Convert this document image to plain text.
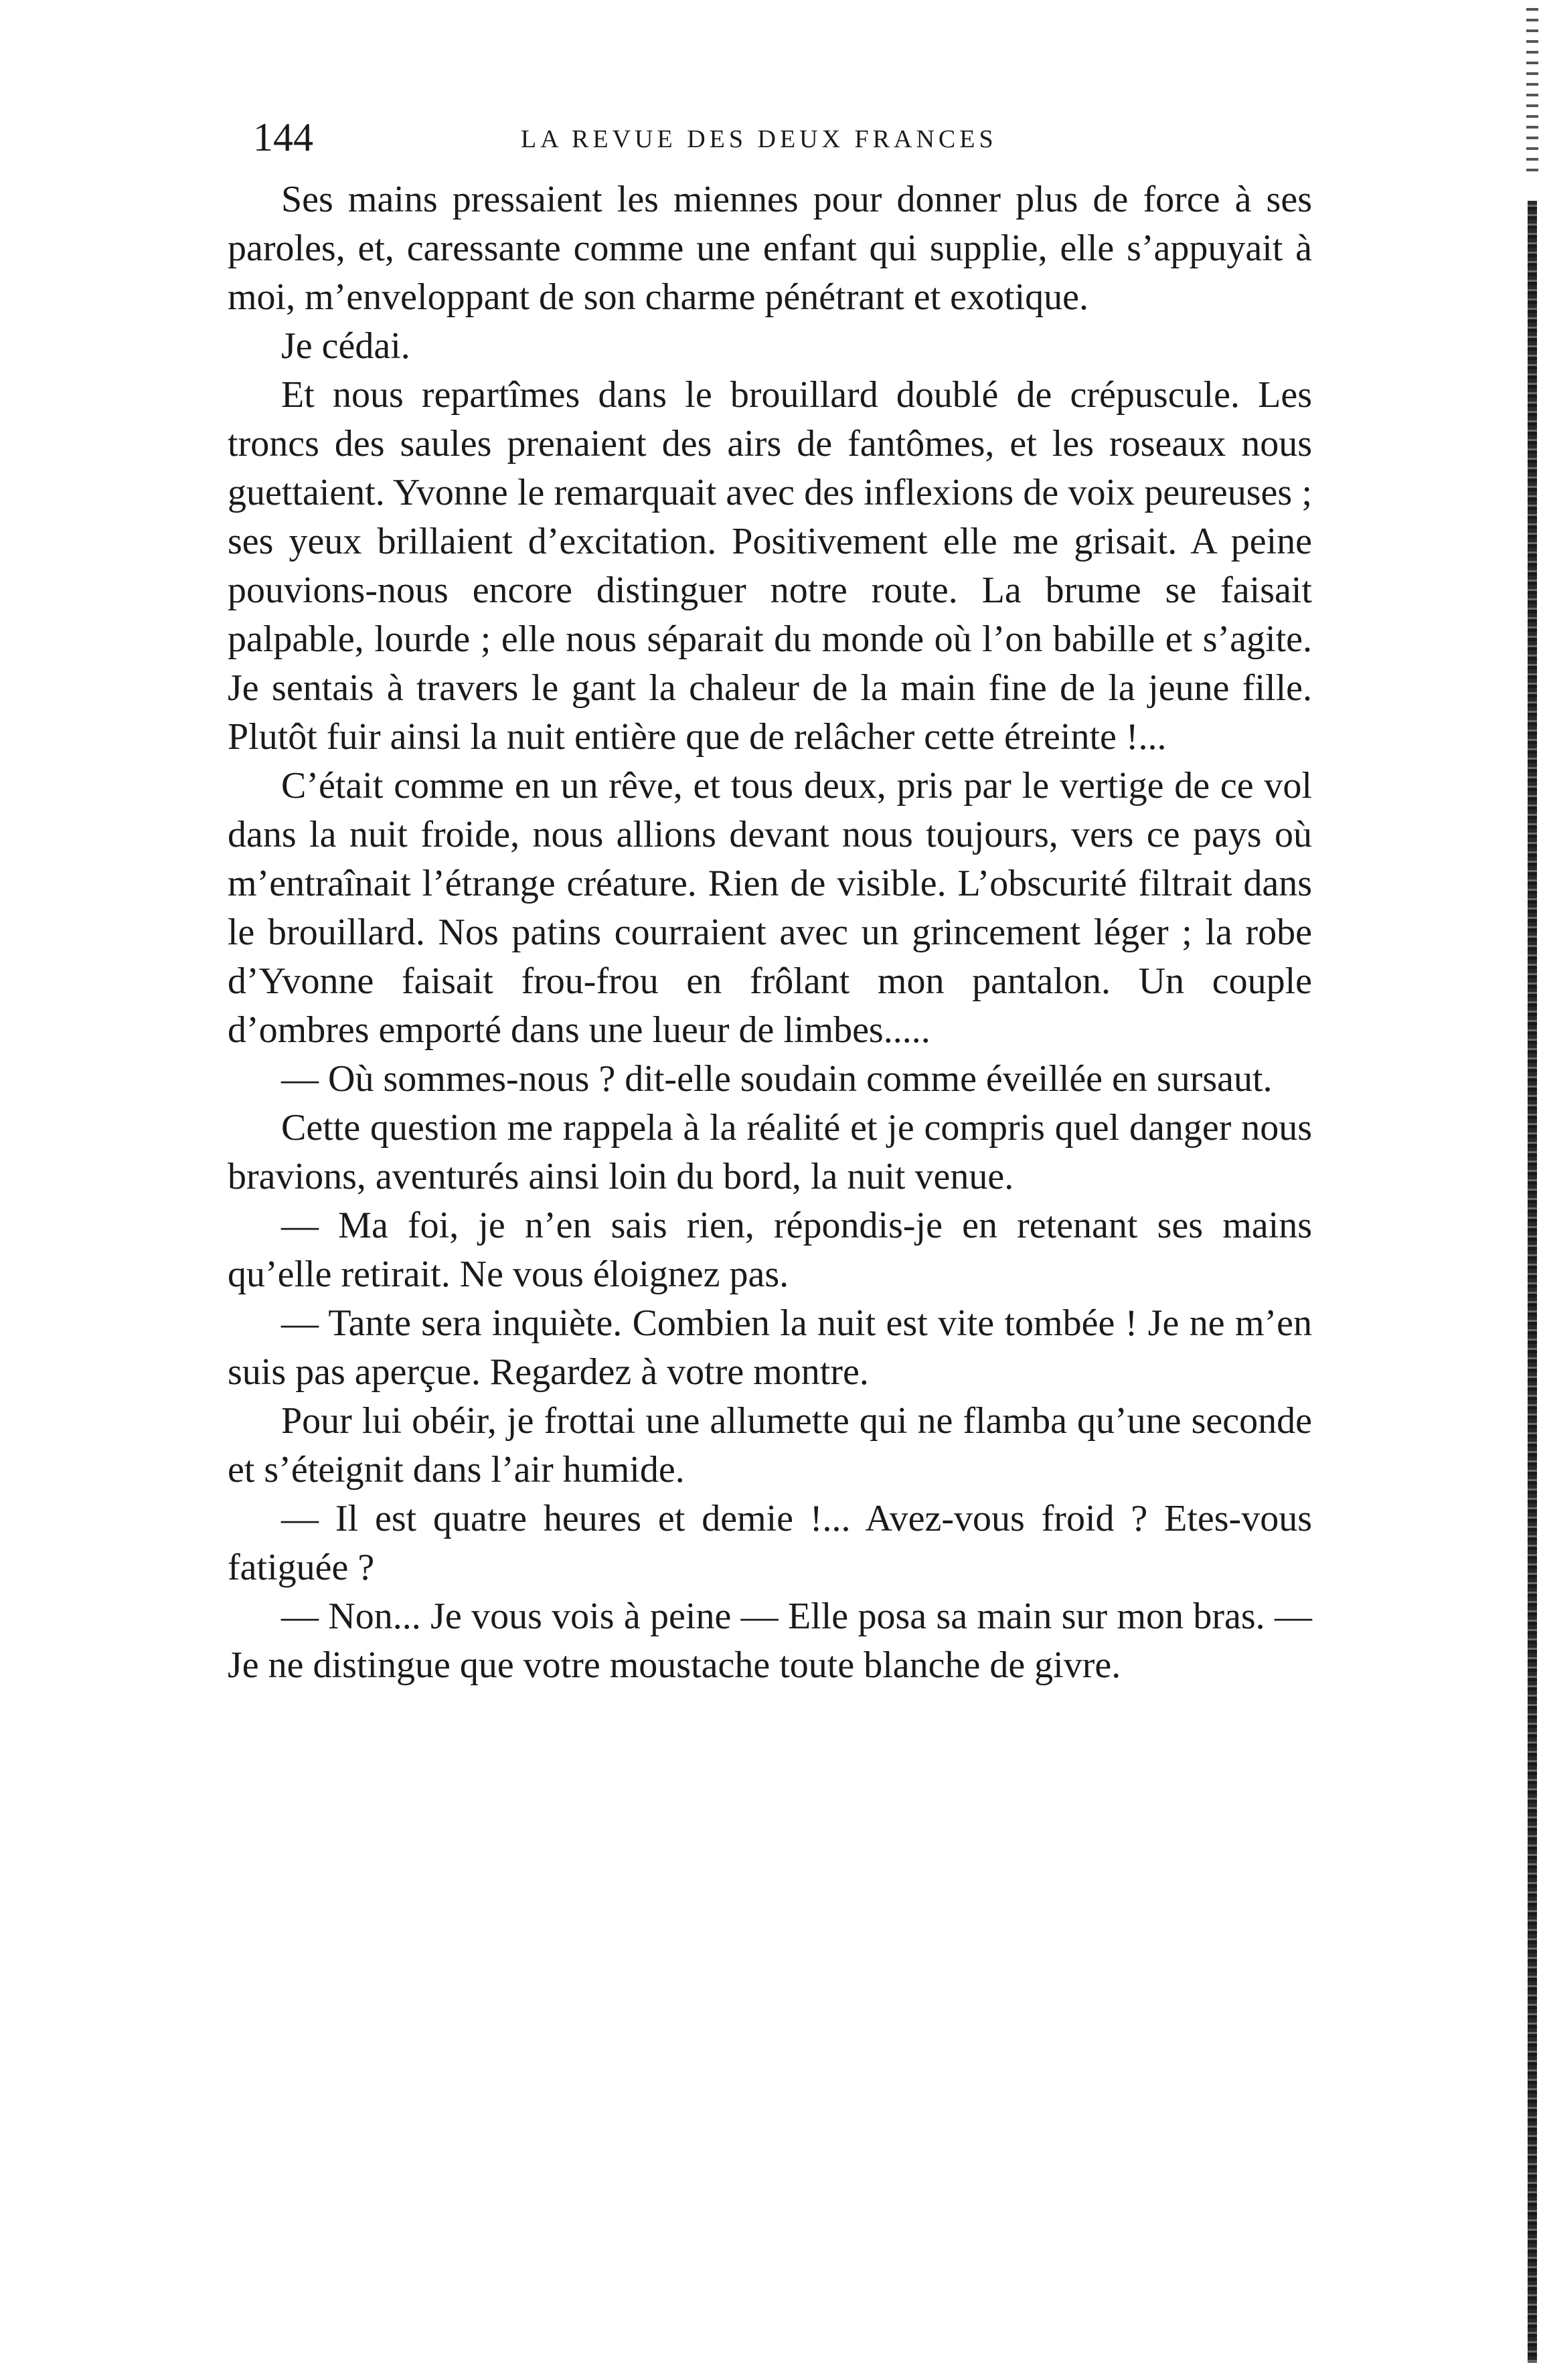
144	LA REVUE DES DEUX FRANCES

Ses mains pressaient les miennes pour donner plus de force à ses paroles, et, caressante comme une enfant qui supplie, elle s’appuyait à moi, m’enveloppant de son charme pénétrant et exotique.

Je cédai.

Et nous repartîmes dans le brouillard doublé de crépuscule. Les troncs des saules prenaient des airs de fantômes, et les roseaux nous guettaient. Yvonne le remarquait avec des inflexions de voix peureuses ; ses yeux brillaient d’excitation. Positivement elle me grisait. A peine pouvions-nous encore distinguer notre route. La brume se faisait palpable, lourde ; elle nous séparait du monde où l’on babille et s’agite. Je sentais à travers le gant la chaleur de la main fine de la jeune fille. Plutôt fuir ainsi la nuit entière que de relâcher cette étreinte !...

C’était comme en un rêve, et tous deux, pris par le vertige de ce vol dans la nuit froide, nous allions devant nous toujours, vers ce pays où m’entraînait l’étrange créature. Rien de visible. L’obscurité filtrait dans le brouillard. Nos patins courraient avec un grincement léger ; la robe d’Yvonne faisait frou-frou en frôlant mon pantalon. Un couple d’ombres emporté dans une lueur de limbes.....

— Où sommes-nous ? dit-elle soudain comme éveillée en sursaut.

Cette question me rappela à la réalité et je compris quel danger nous bravions, aventurés ainsi loin du bord, la nuit venue.

— Ma foi, je n’en sais rien, répondis-je en retenant ses mains qu’elle retirait. Ne vous éloignez pas.

— Tante sera inquiète. Combien la nuit est vite tombée ! Je ne m’en suis pas aperçue. Regardez à votre montre.

Pour lui obéir, je frottai une allumette qui ne flamba qu’une seconde et s’éteignit dans l’air humide.

— Il est quatre heures et demie !... Avez-vous froid ? Etes-vous fatiguée ?

— Non... Je vous vois à peine — Elle posa sa main sur mon bras. — Je ne distingue que votre moustache toute blanche de givre.
